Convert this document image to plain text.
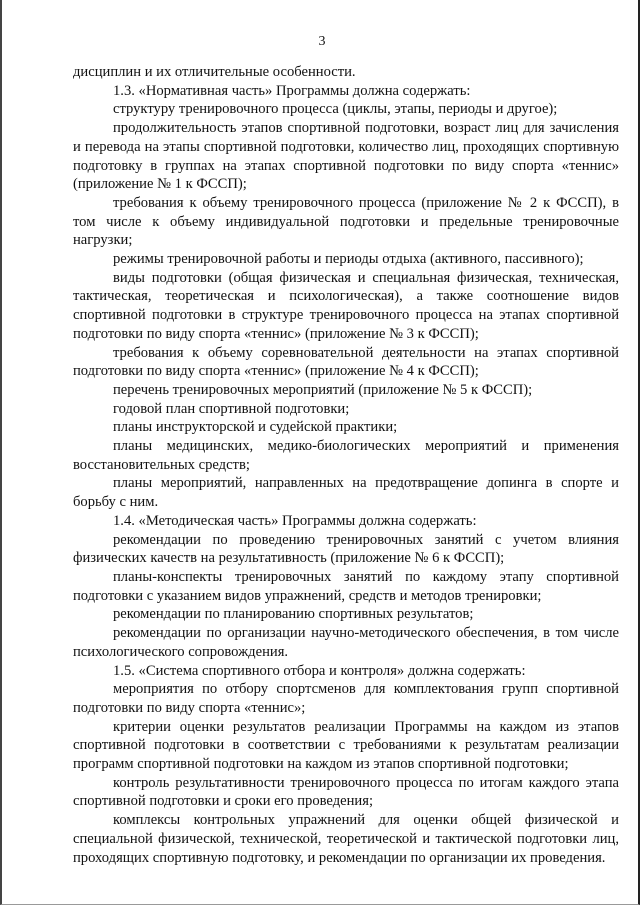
3

дисциплин и их отличительные особенности.

1.3. «Нормативная часть» Программы должна содержать:

структуру тренировочного процесса (циклы, этапы, периоды и другое);

продолжительность этапов спортивной подготовки, возраст лиц для зачисления и перевода на этапы спортивной подготовки, количество лиц, проходящих спортивную подготовку в группах на этапах спортивной подготовки по виду спорта «теннис» (приложение № 1 к ФССП);

требования к объему тренировочного процесса (приложение № 2 к ФССП), в том числе к объему индивидуальной подготовки и предельные тренировочные нагрузки;

режимы тренировочной работы и периоды отдыха (активного, пассивного);

виды подготовки (общая физическая и специальная физическая, техническая, тактическая, теоретическая и психологическая), а также соотношение видов спортивной подготовки в структуре тренировочного процесса на этапах спортивной подготовки по виду спорта «теннис» (приложение № 3 к ФССП);

требования к объему соревновательной деятельности на этапах спортивной подготовки по виду спорта «теннис» (приложение № 4 к ФССП);

перечень тренировочных мероприятий (приложение № 5 к ФССП);

годовой план спортивной подготовки;

планы инструкторской и судейской практики;

планы медицинских, медико-биологических мероприятий и применения восстановительных средств;

планы мероприятий, направленных на предотвращение допинга в спорте и борьбу с ним.

1.4. «Методическая часть» Программы должна содержать:

рекомендации по проведению тренировочных занятий с учетом влияния физических качеств на результативность (приложение № 6 к ФССП);

планы-конспекты тренировочных занятий по каждому этапу спортивной подготовки с указанием видов упражнений, средств и методов тренировки;

рекомендации по планированию спортивных результатов;

рекомендации по организации научно-методического обеспечения, в том числе психологического сопровождения.

1.5. «Система спортивного отбора и контроля» должна содержать:

мероприятия по отбору спортсменов для комплектования групп спортивной подготовки по виду спорта «теннис»;

критерии оценки результатов реализации Программы на каждом из этапов спортивной подготовки в соответствии с требованиями к результатам реализации программ спортивной подготовки на каждом из этапов спортивной подготовки;

контроль результативности тренировочного процесса по итогам каждого этапа спортивной подготовки и сроки его проведения;

комплексы контрольных упражнений для оценки общей физической и специальной физической, технической, теоретической и тактической подготовки лиц, проходящих спортивную подготовку, и рекомендации по организации их проведения.
